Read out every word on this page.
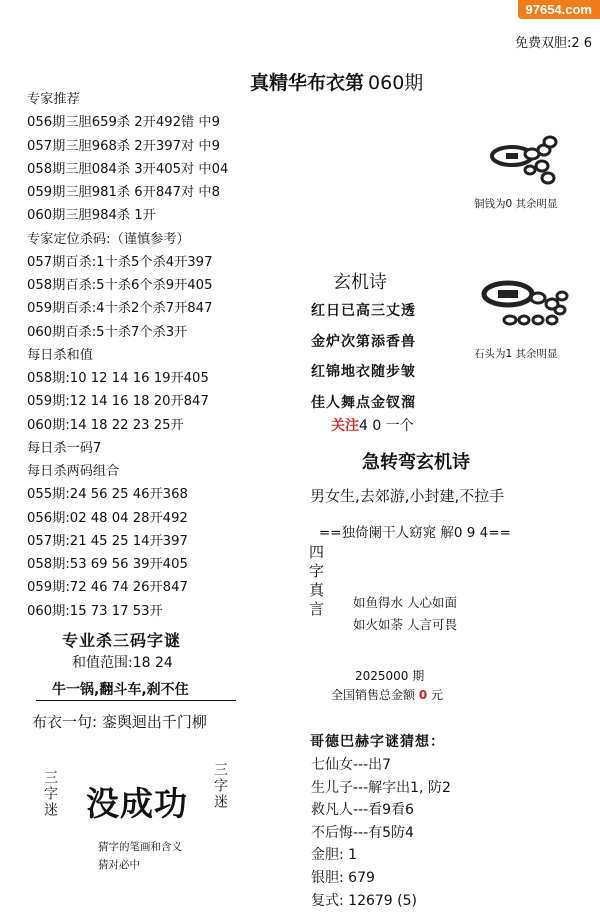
97654.com
免费双胆:2 6
真精华布衣第 060期
专家推荐
056期三胆659杀 2开492错 中9
057期三胆968杀 2开397对 中9
058期三胆084杀 3开405对 中04
059期三胆981杀 6开847对 中8
060期三胆984杀 1开
专家定位杀码:（谨慎参考）
057期百杀:1十杀5个杀4开397
058期百杀:5十杀6个杀9开405
059期百杀:4十杀2个杀7开847
060期百杀:5十杀7个杀3开
每日杀和值
058期:10 12 14 16 19开405
059期:12 14 16 18 20开847
060期:14 18 22 23 25开
每日杀一码7
每日杀两码组合
055期:24 56 25 46开368
056期:02 48 04 28开492
057期:21 45 25 14开397
058期:53 69 56 39开405
059期:72 46 74 26开847
060期:15 73 17 53开
专业杀三码字谜
和值范围:18 24
牛一锅,翻斗车,刹不住
布衣一句: 銮舆迴出千门柳
三字迷 没成功 三字迷
猜字的笔画和含义
猜对必中
铜钱为0 其余明显
石头为1 其余明显
玄机诗
红日已高三丈透
金炉次第添香兽
红锦地衣随步皱
佳人舞点金钗溜
关注4 0 一个
急转弯玄机诗
男女生,去郊游,小封建,不拉手
==独倚阑干人窈窕 解0 9 4==
四字真言 如鱼得水 人心如面
如火如荼 人言可畏
2025000 期
全国销售总金额 0 元
哥德巴赫字谜猜想：
七仙女---出7
生儿子---解字出1, 防2
救凡人---看9看6
不后悔---有5防4
金胆: 1
银胆: 679
复式: 12679 (5)
